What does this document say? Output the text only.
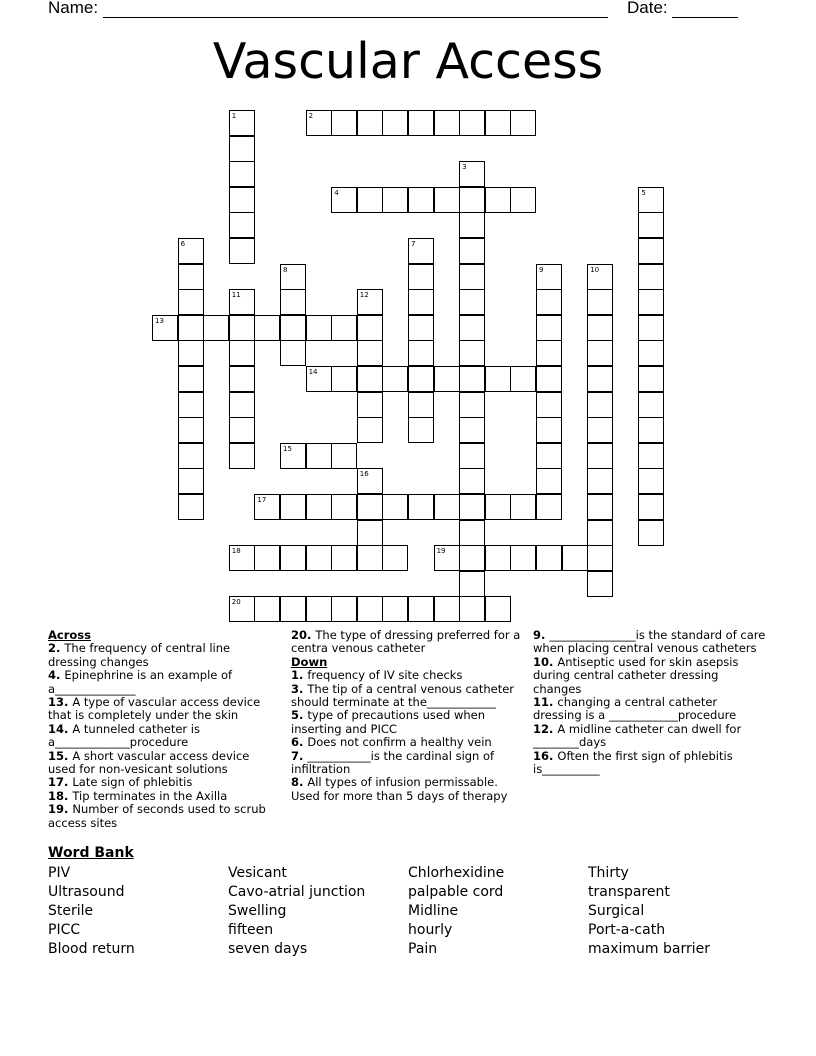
Name:	Date:
Vascular Access
1	2
3
4	5
6	7
8	9	10
11	12
13
14
15
16
17
18	19
20
Across
2. The frequency of central line dressing changes
4. Epinephrine is an example of a______________
13. A type of vascular access device that is completely under the skin
14. A tunneled catheter is a_____________procedure
15. A short vascular access device used for non-vesicant solutions
17. Late sign of phlebitis
18. Tip terminates in the Axilla
19. Number of seconds used to scrub access sites
20. The type of dressing preferred for a centra venous catheter
Down
1. frequency of IV site checks
3. The tip of a central venous catheter should terminate at the____________
5. type of precautions used when inserting and PICC
6. Does not confirm a healthy vein
7. ___________is the cardinal sign of infiltration
8. All types of infusion permissable. Used for more than 5 days of therapy
9. _______________is the standard of care when placing central venous catheters
10. Antiseptic used for skin asepsis during central catheter dressing changes
11. changing a central catheter dressing is a ____________procedure
12. A midline catheter can dwell for ________days
16. Often the first sign of phlebitis is__________
Word Bank
PIV
Ultrasound
Sterile
PICC
Blood return
Vesicant
Cavo-atrial junction
Swelling
fifteen
seven days
Chlorhexidine
palpable cord
Midline
hourly
Pain
Thirty
transparent
Surgical
Port-a-cath
maximum barrier
